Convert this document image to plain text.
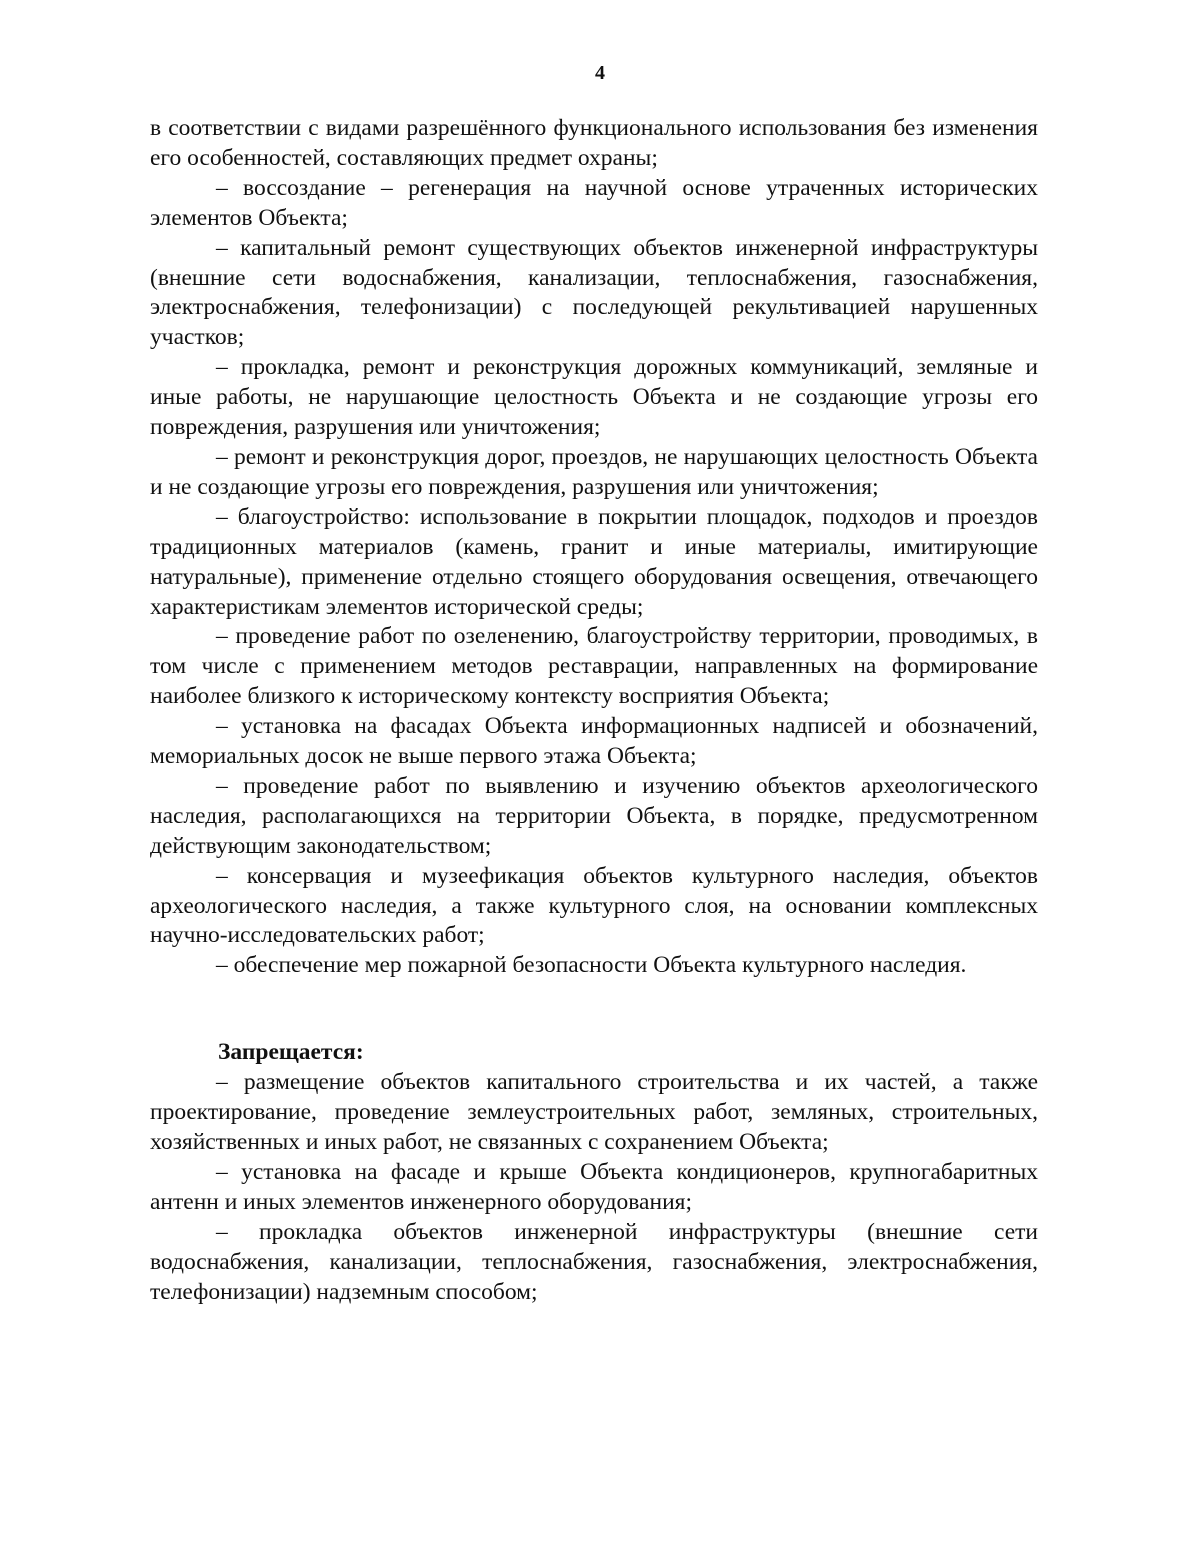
4

в соответствии с видами разрешённого функционального использования без изменения его особенностей, составляющих предмет охраны;

– воссоздание – регенерация на научной основе утраченных исторических элементов Объекта;

– капитальный ремонт существующих объектов инженерной инфраструктуры (внешние сети водоснабжения, канализации, теплоснабжения, газоснабжения, электроснабжения, телефонизации) с последующей рекультивацией нарушенных участков;

– прокладка, ремонт и реконструкция дорожных коммуникаций, земляные и иные работы, не нарушающие целостность Объекта и не создающие угрозы его повреждения, разрушения или уничтожения;

– ремонт и реконструкция дорог, проездов, не нарушающих целостность Объекта и не создающие угрозы его повреждения, разрушения или уничтожения;

– благоустройство: использование в покрытии площадок, подходов и проездов традиционных материалов (камень, гранит и иные материалы, имитирующие натуральные), применение отдельно стоящего оборудования освещения, отвечающего характеристикам элементов исторической среды;

– проведение работ по озеленению, благоустройству территории, проводимых, в том числе с применением методов реставрации, направленных на формирование наиболее близкого к историческому контексту восприятия Объекта;

– установка на фасадах Объекта информационных надписей и обозначений, мемориальных досок не выше первого этажа Объекта;

– проведение работ по выявлению и изучению объектов археологического наследия, располагающихся на территории Объекта, в порядке, предусмотренном действующим законодательством;

– консервация и музеефикация объектов культурного наследия, объектов археологического наследия, а также культурного слоя, на основании комплексных научно-исследовательских работ;

– обеспечение мер пожарной безопасности Объекта культурного наследия.

Запрещается:

– размещение объектов капитального строительства и их частей, а также проектирование, проведение землеустроительных работ, земляных, строительных, хозяйственных и иных работ, не связанных с сохранением Объекта;

– установка на фасаде и крыше Объекта кондиционеров, крупногабаритных антенн и иных элементов инженерного оборудования;

– прокладка объектов инженерной инфраструктуры (внешние сети водоснабжения, канализации, теплоснабжения, газоснабжения, электроснабжения, телефонизации) надземным способом;
